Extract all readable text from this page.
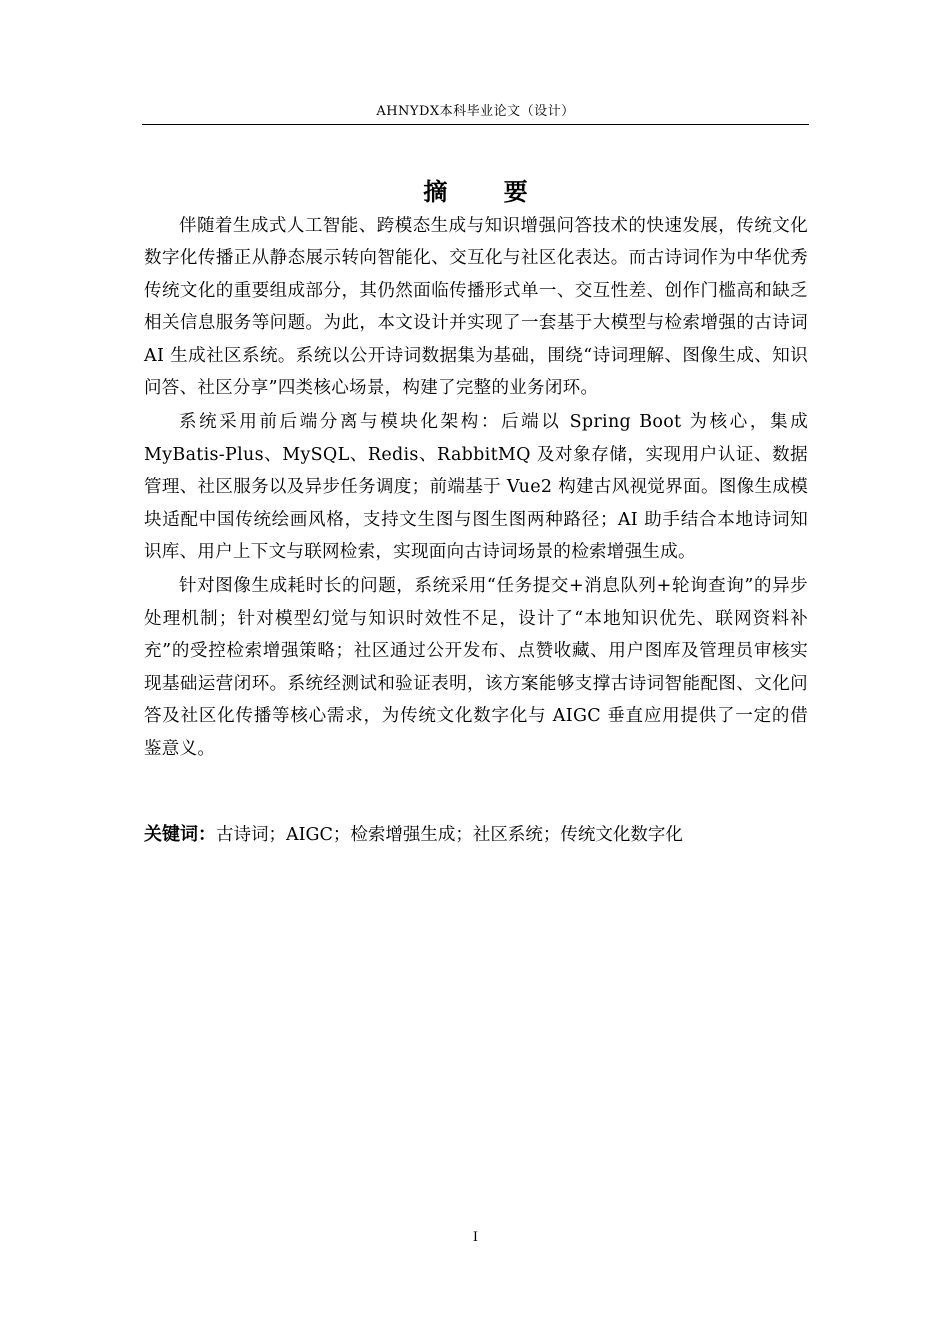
AHNYDX本科毕业论文（设计）
摘 要

伴随着生成式人工智能、跨模态生成与知识增强问答技术的快速发展，传统文化数字化传播正从静态展示转向智能化、交互化与社区化表达。而古诗词作为中华优秀传统文化的重要组成部分，其仍然面临传播形式单一、交互性差、创作门槛高和缺乏相关信息服务等问题。为此，本文设计并实现了一套基于大模型与检索增强的古诗词 AI 生成社区系统。系统以公开诗词数据集为基础，围绕“诗词理解、图像生成、知识问答、社区分享”四类核心场景，构建了完整的业务闭环。

系统采用前后端分离与模块化架构：后端以 Spring Boot 为核心，集成 MyBatis-Plus、MySQL、Redis、RabbitMQ 及对象存储，实现用户认证、数据管理、社区服务以及异步任务调度；前端基于 Vue2 构建古风视觉界面。图像生成模块适配中国传统绘画风格，支持文生图与图生图两种路径；AI 助手结合本地诗词知识库、用户上下文与联网检索，实现面向古诗词场景的检索增强生成。

针对图像生成耗时长的问题，系统采用“任务提交+消息队列+轮询查询”的异步处理机制；针对模型幻觉与知识时效性不足，设计了“本地知识优先、联网资料补充”的受控检索增强策略；社区通过公开发布、点赞收藏、用户图库及管理员审核实现基础运营闭环。系统经测试和验证表明，该方案能够支撑古诗词智能配图、文化问答及社区化传播等核心需求，为传统文化数字化与 AIGC 垂直应用提供了一定的借鉴意义。

关键词：古诗词；AIGC；检索增强生成；社区系统；传统文化数字化
I
